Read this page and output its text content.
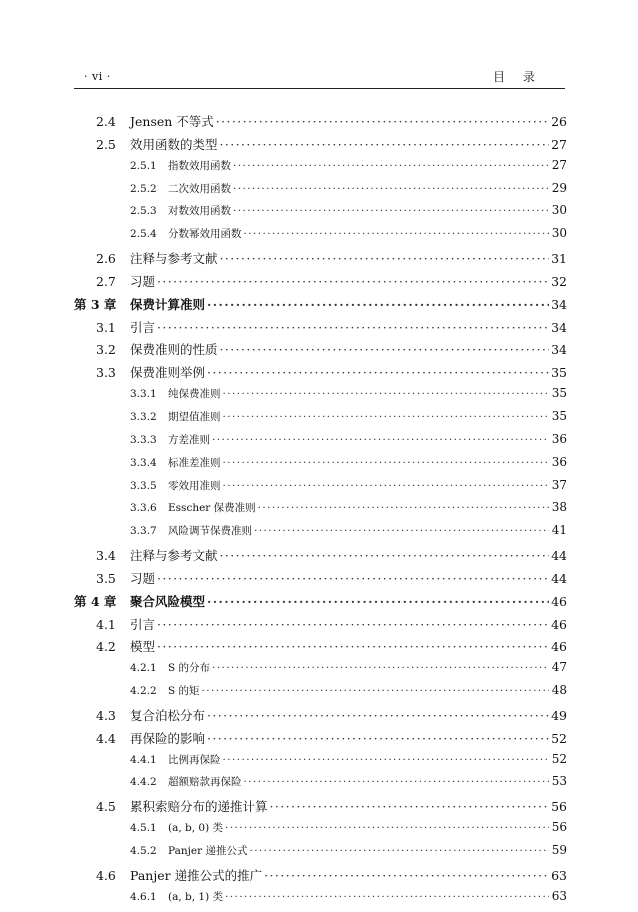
· vi ·	目录
2.4	Jensen 不等式 ·····	26
2.5	效用函数的类型 ·····	27
2.5.1	指数效用函数 ·····	27
2.5.2	二次效用函数 ·····	29
2.5.3	对数效用函数 ·····	30
2.5.4	分数幂效用函数 ·····	30
2.6	注释与参考文献 ·····	31
2.7	习题 ·····	32
第 3 章	保费计算准则 ·····	34
3.1	引言 ·····	34
3.2	保费准则的性质 ·····	34
3.3	保费准则举例 ·····	35
3.3.1	纯保费准则 ·····	35
3.3.2	期望值准则 ·····	35
3.3.3	方差准则 ·····	36
3.3.4	标准差准则 ·····	36
3.3.5	零效用准则 ·····	37
3.3.6	Esscher 保费准则 ·····	38
3.3.7	风险调节保费准则 ·····	41
3.4	注释与参考文献 ·····	44
3.5	习题 ·····	44
第 4 章	聚合风险模型 ·····	46
4.1	引言 ·····	46
4.2	模型 ·····	46
4.2.1	S 的分布 ·····	47
4.2.2	S 的矩 ·····	48
4.3	复合泊松分布 ·····	49
4.4	再保险的影响 ·····	52
4.4.1	比例再保险 ·····	52
4.4.2	超额赔款再保险 ·····	53
4.5	累积索赔分布的递推计算 ·····	56
4.5.1	(a, b, 0) 类 ·····	56
4.5.2	Panjer 递推公式 ·····	59
4.6	Panjer 递推公式的推广 ·····	63
4.6.1	(a, b, 1) 类 ·····	63
